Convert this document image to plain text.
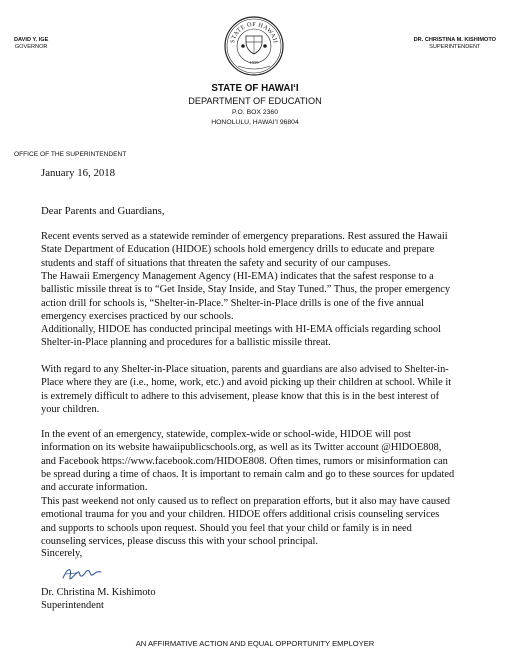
DAVID Y. IGE
GOVERNOR
DR. CHRISTINA M. KISHIMOTO
SUPERINTENDENT
STATE OF HAWAII
1959
STATE OF HAWAIʻI
DEPARTMENT OF EDUCATION
P.O. BOX 2360
HONOLULU, HAWAIʻI 96804
OFFICE OF THE SUPERINTENDENT
January 16, 2018
Dear Parents and Guardians,
Recent events served as a statewide reminder of emergency preparations. Rest assured the Hawaii
State Department of Education (HIDOE) schools hold emergency drills to educate and prepare
students and staff of situations that threaten the safety and security of our campuses.
The Hawaii Emergency Management Agency (HI-EMA) indicates that the safest response to a
ballistic missile threat is to “Get Inside, Stay Inside, and Stay Tuned.” Thus, the proper emergency
action drill for schools is, “Shelter-in-Place.” Shelter-in-Place drills is one of the five annual
emergency exercises practiced by our schools.
Additionally, HIDOE has conducted principal meetings with HI-EMA officials regarding school
Shelter-in-Place planning and procedures for a ballistic missile threat.
With regard to any Shelter-in-Place situation, parents and guardians are also advised to Shelter-in-
Place where they are (i.e., home, work, etc.) and avoid picking up their children at school. While it
is extremely difficult to adhere to this advisement, please know that this is in the best interest of
your children.
In the event of an emergency, statewide, complex-wide or school-wide, HIDOE will post
information on its website hawaiipublicschools.org, as well as its Twitter account @HIDOE808,
and Facebook https://www.facebook.com/HIDOE808. Often times, rumors or misinformation can
be spread during a time of chaos. It is important to remain calm and go to these sources for updated
and accurate information.
This past weekend not only caused us to reflect on preparation efforts, but it also may have caused
emotional trauma for you and your children. HIDOE offers additional crisis counseling services
and supports to schools upon request. Should you feel that your child or family is in need
counseling services, please discuss this with your school principal.
Sincerely,
Dr. Christina M. Kishimoto
Superintendent
AN AFFIRMATIVE ACTION AND EQUAL OPPORTUNITY EMPLOYER
